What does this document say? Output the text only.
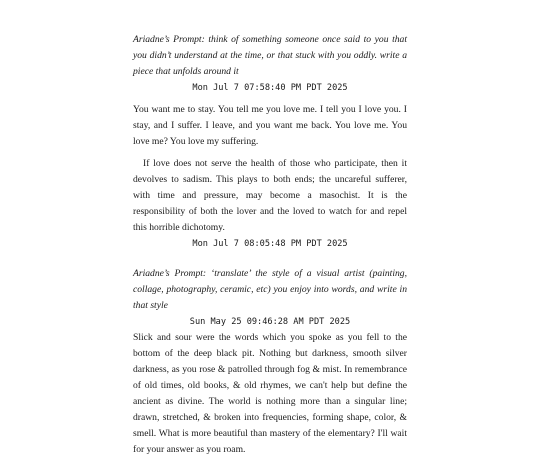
Ariadne’s Prompt: think of something someone once said to you that you didn’t understand at the time, or that stuck with you oddly. write a piece that unfolds around it

Mon Jul 7 07:58:40 PM PDT 2025

You want me to stay. You tell me you love me. I tell you I love you. I stay, and I suffer. I leave, and you want me back. You love me. You love me? You love my suffering.

If love does not serve the health of those who participate, then it devolves to sadism. This plays to both ends; the uncareful sufferer, with time and pressure, may become a masochist. It is the responsibility of both the lover and the loved to watch for and repel this horrible dichotomy.

Mon Jul 7 08:05:48 PM PDT 2025

Ariadne’s Prompt: ‘translate’ the style of a visual artist (painting, collage, photography, ceramic, etc) you enjoy into words, and write in that style

Sun May 25 09:46:28 AM PDT 2025

Slick and sour were the words which you spoke as you fell to the bottom of the deep black pit. Nothing but darkness, smooth silver darkness, as you rose & patrolled through fog & mist. In remembrance of old times, old books, & old rhymes, we can't help but define the ancient as divine. The world is nothing more than a singular line; drawn, stretched, & broken into frequencies, forming shape, color, & smell. What is more beautiful than mastery of the elementary? I'll wait for your answer as you roam.
